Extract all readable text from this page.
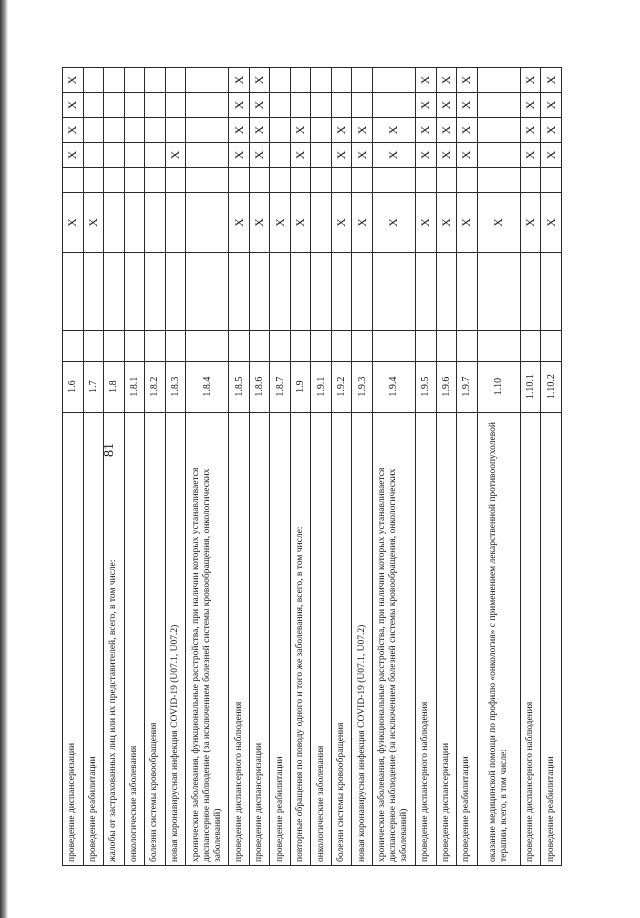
81
проведение диспансеризации	1.6			X		X	X	X	X
проведение реабилитации	1.7			X					
жалобы от застрахованных лиц или их представителей, всего, в том числе:	1.8								
онкологические заболевания	1.8.1								
болезни системы кровообращения	1.8.2								
новая коронавирусная инфекция COVID-19 (U07.1, U07.2)	1.8.3					X			
хронические заболевания, функциональные расстройства, при наличии которых устанавливается диспансерное наблюдение (за исключением болезней системы кровообращения, онкологических заболеваний)	1.8.4								
проведение диспансерного наблюдения	1.8.5			X		X	X	X	X
проведение диспансеризации	1.8.6			X		X	X	X	X
проведение реабилитации	1.8.7			X					
повторные обращения по поводу одного и того же заболевания, всего, в том числе:	1.9			X		X	X		
онкологические заболевания	1.9.1								
болезни системы кровообращения	1.9.2			X		X	X		
новая коронавирусная инфекция COVID-19 (U07.1, U07.2)	1.9.3			X		X	X		
хронические заболевания, функциональные расстройства, при наличии которых устанавливается диспансерное наблюдение (за исключением болезней системы кровообращения, онкологических заболеваний)	1.9.4			X		X	X		
проведение диспансерного наблюдения	1.9.5			X		X	X	X	X
проведение диспансеризации	1.9.6			X		X	X	X	X
проведение реабилитации	1.9.7			X		X	X	X	X
оказание медицинской помощи по профилю «онкология» с применением лекарственной противоопухолевой терапии, всего, в том числе:	1.10			X					
проведение диспансерного наблюдения	1.10.1			X		X	X	X	X
проведение реабилитации	1.10.2			X		X	X	X	X
